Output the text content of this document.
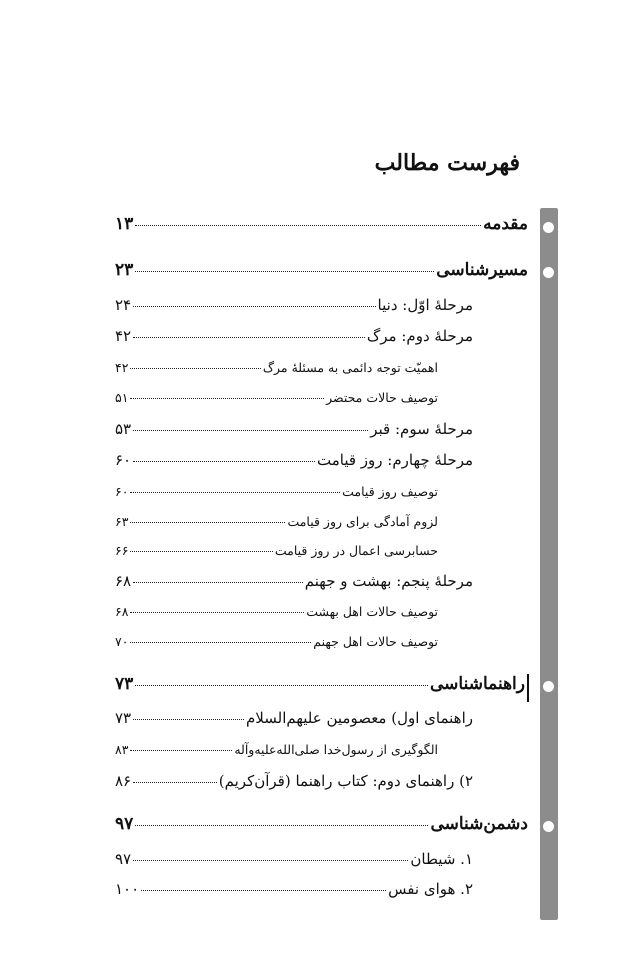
فهرست مطالب
مقدمه
۱۳
مسیرشناسی
۲۳
مرحلهٔ اوّل: دنیا
۲۴
مرحلهٔ دوم: مرگ
۴۲
اهمیّت توجه دائمی به مسئلهٔ مرگ
۴۲
توصیف حالات محتضر
۵۱
مرحلهٔ سوم: قبر
۵۳
مرحلهٔ چهارم: روز قیامت
۶۰
توصیف روز قیامت
۶۰
لزوم آمادگی برای روز قیامت
۶۳
حسابرسی اعمال در روز قیامت
۶۶
مرحلهٔ پنجم: بهشت و جهنم
۶۸
توصیف حالات اهل بهشت
۶۸
توصیف حالات اهل جهنم
۷۰
راهنماشناسی
۷۳
راهنمای اول) معصومین علیهم‌السلام
۷۳
الگوگیری از رسول‌خدا صلی‌الله‌علیه‌وآله
۸۳
۲) راهنمای دوم: کتاب راهنما (قرآن‌کریم)
۸۶
دشمن‌شناسی
۹۷
۱. شیطان
۹۷
۲. هوای نفس
۱۰۰
